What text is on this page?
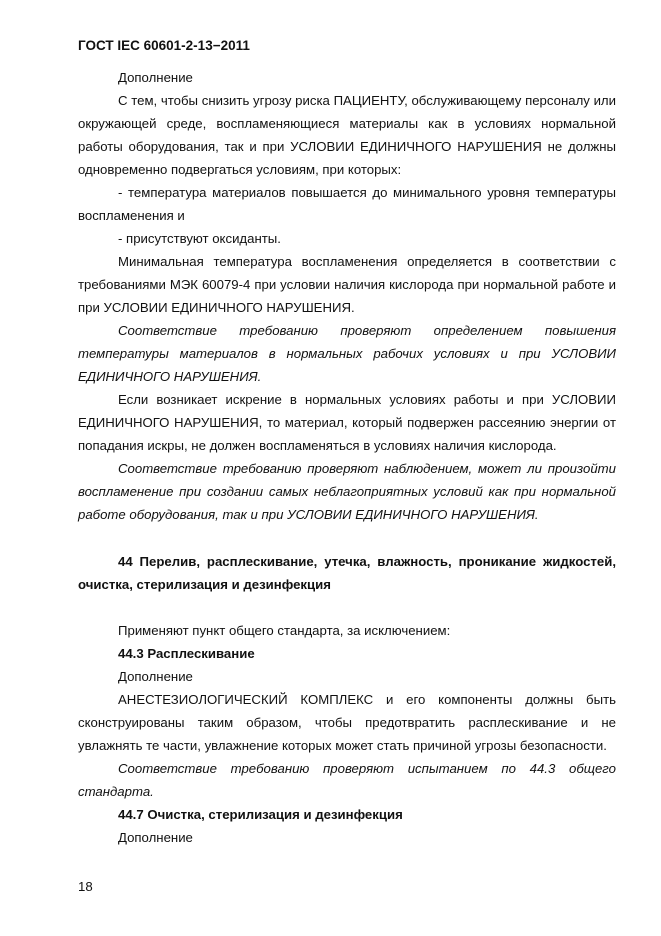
ГОСТ IEC 60601-2-13−2011

Дополнение

С тем, чтобы снизить угрозу риска ПАЦИЕНТУ, обслуживающему персоналу или окружающей среде, воспламеняющиеся материалы как в условиях нормальной работы оборудования, так и при УСЛОВИИ ЕДИНИЧНОГО НАРУШЕНИЯ не должны одновременно подвергаться условиям, при которых:

- температура материалов повышается до минимального уровня температуры воспламенения и

- присутствуют оксиданты.

Минимальная температура воспламенения определяется в соответствии с требованиями МЭК 60079-4 при условии наличия кислорода при нормальной работе и при УСЛОВИИ ЕДИНИЧНОГО НАРУШЕНИЯ.

Соответствие требованию проверяют определением повышения температуры материалов в нормальных рабочих условиях и при УСЛОВИИ ЕДИНИЧНОГО НАРУШЕНИЯ.

Если возникает искрение в нормальных условиях работы и при УСЛОВИИ ЕДИНИЧНОГО НАРУШЕНИЯ, то материал, который подвержен рассеянию энергии от попадания искры, не должен воспламеняться в условиях наличия кислорода.

Соответствие требованию проверяют наблюдением, может ли произойти воспламенение при создании самых неблагоприятных условий как при нормальной работе оборудования, так и при УСЛОВИИ ЕДИНИЧНОГО НАРУШЕНИЯ.

44 Перелив, расплескивание, утечка, влажность, проникание жидкостей, очистка, стерилизация и дезинфекция

Применяют пункт общего стандарта, за исключением:

44.3 Расплескивание

Дополнение

АНЕСТЕЗИОЛОГИЧЕСКИЙ КОМПЛЕКС и его компоненты должны быть сконструированы таким образом, чтобы предотвратить расплескивание и не увлажнять те части, увлажнение которых может стать причиной угрозы безопасности.

Соответствие требованию проверяют испытанием по 44.3 общего стандарта.

44.7 Очистка, стерилизация и дезинфекция

Дополнение

18
